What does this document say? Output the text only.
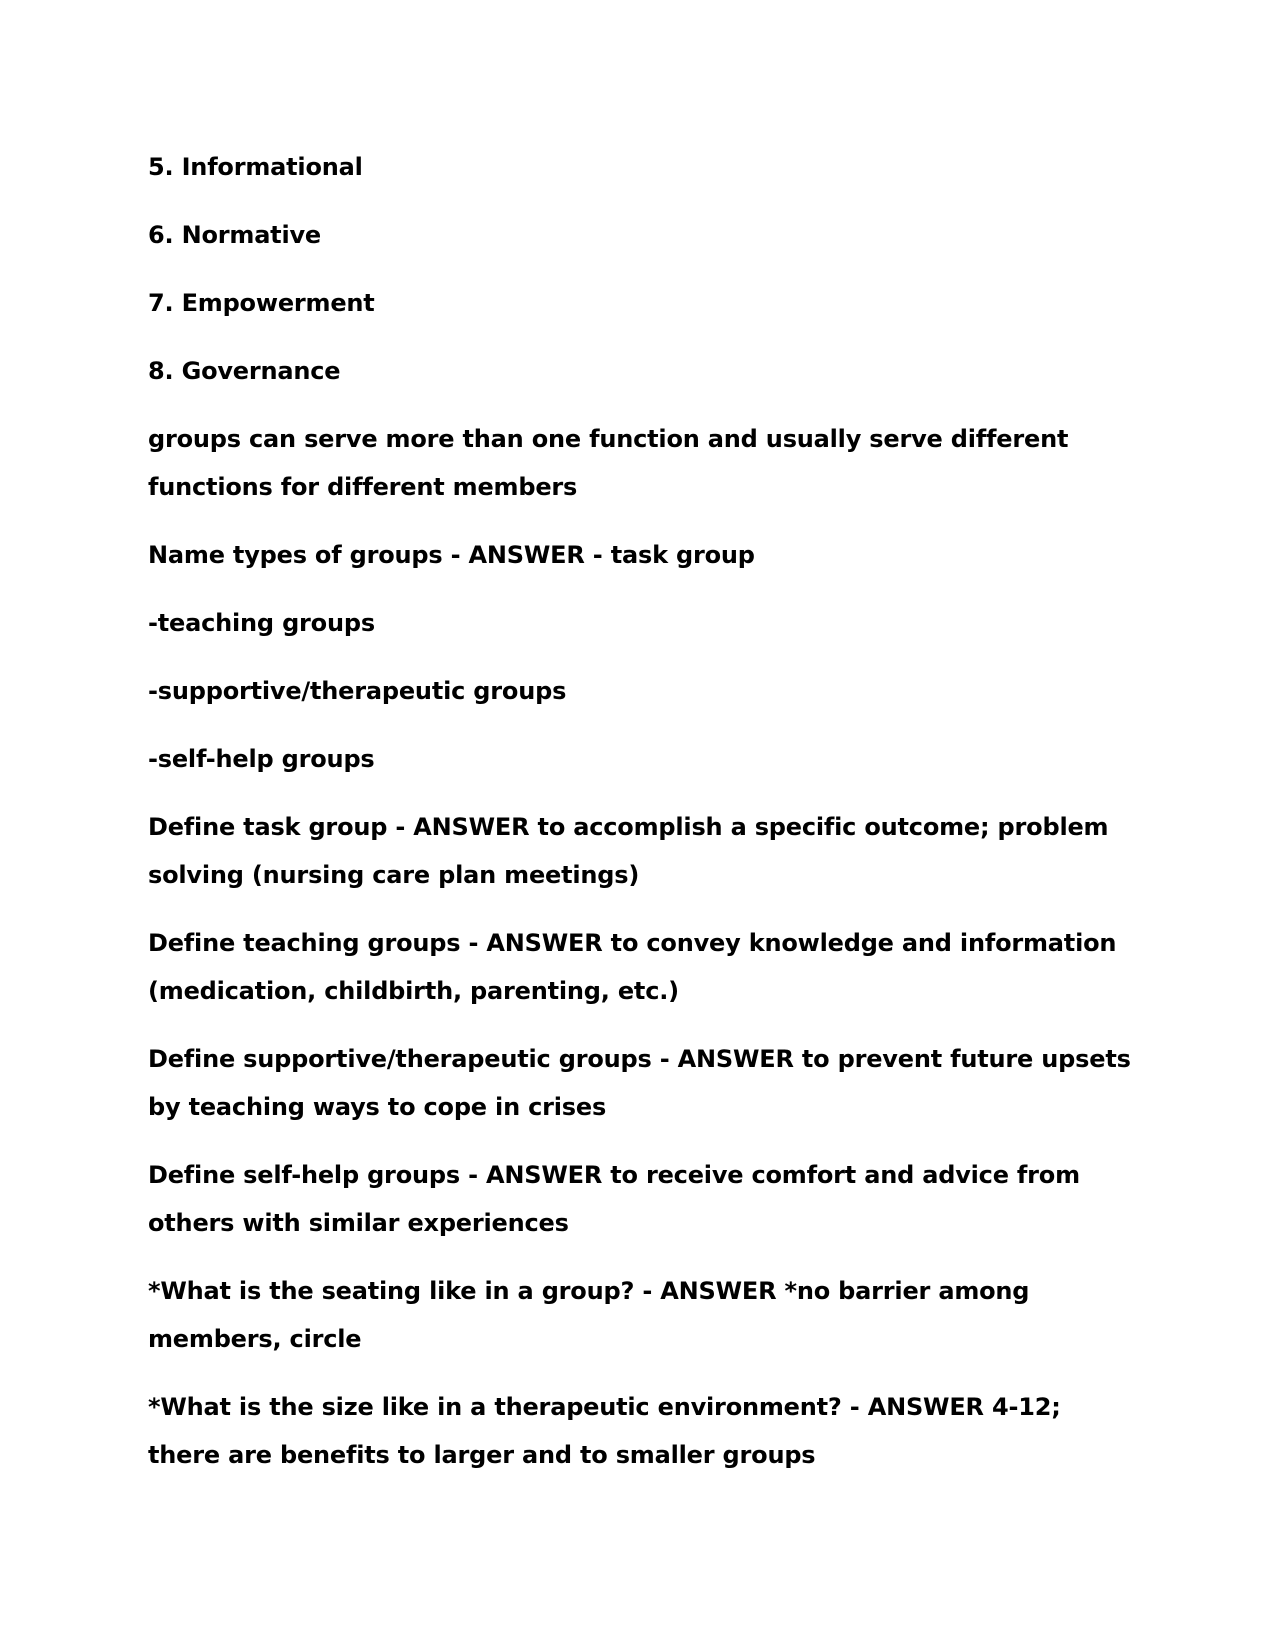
5. Informational

6. Normative

7. Empowerment

8. Governance

groups can serve more than one function and usually serve different functions for different members

Name types of groups - ANSWER - task group

-teaching groups

-supportive/therapeutic groups

-self-help groups

Define task group - ANSWER to accomplish a specific outcome; problem solving (nursing care plan meetings)

Define teaching groups - ANSWER to convey knowledge and information (medication, childbirth, parenting, etc.)

Define supportive/therapeutic groups - ANSWER to prevent future upsets by teaching ways to cope in crises

Define self-help groups - ANSWER to receive comfort and advice from others with similar experiences

*What is the seating like in a group? - ANSWER *no barrier among members, circle

*What is the size like in a therapeutic environment? - ANSWER 4-12; there are benefits to larger and to smaller groups
